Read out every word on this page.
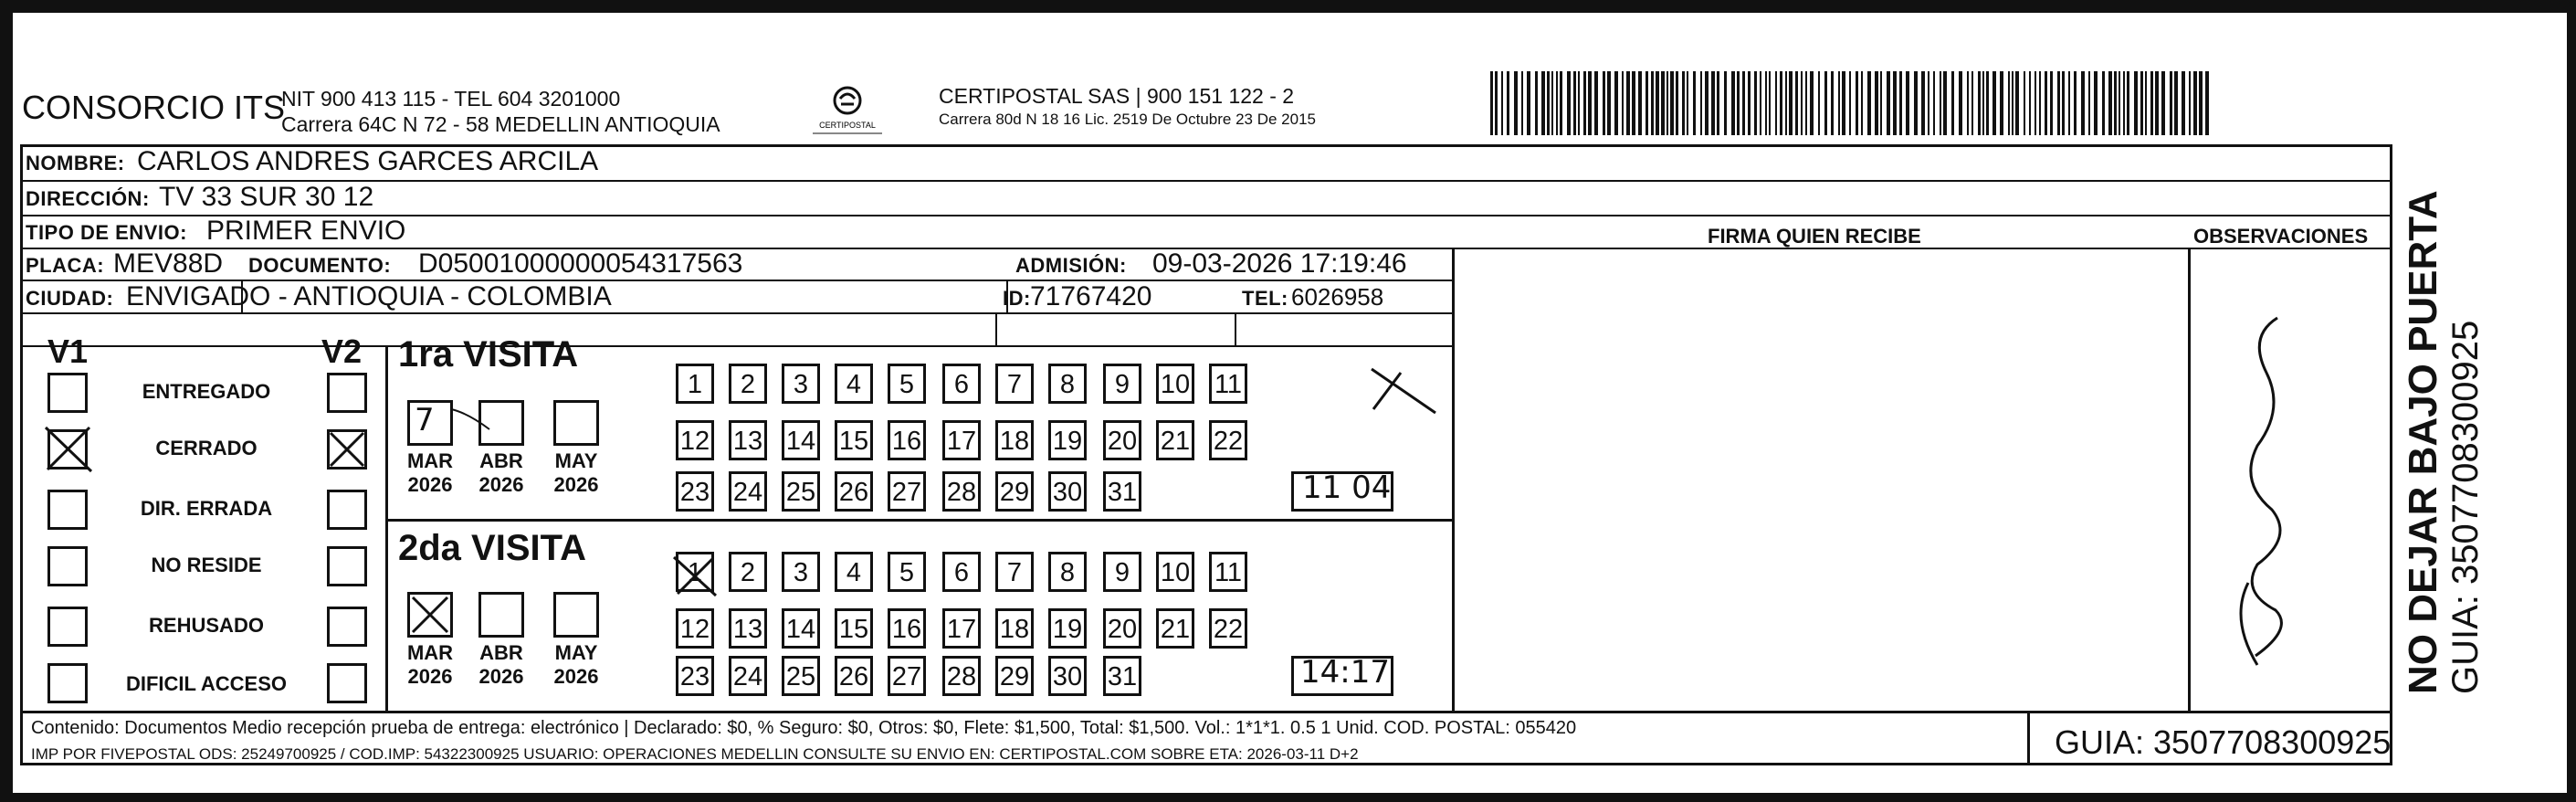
CONSORCIO ITS
NIT 900 413 115 - TEL 604 3201000
Carrera 64C N 72 - 58 MEDELLIN ANTIOQUIA	CERTIPOSTAL
CERTIPOSTAL SAS | 900 151 122 - 2
Carrera 80d N 18 16 Lic. 2519 De Octubre 23 De 2015
NOMBRE: CARLOS ANDRES GARCES ARCILA
DIRECCIÓN: TV 33 SUR 30 12
TIPO DE ENVIO: PRIMER ENVIO	FIRMA QUIEN RECIBE	OBSERVACIONES
PLACA: MEV88D DOCUMENTO: D05001000000054317563	ADMISIÓN: 09-03-2026 17:19:46
CIUDAD: ENVIGADO - ANTIOQUIA - COLOMBIA	ID: 71767420	TEL: 6026958
V1	V2
ENTREGADO
CERRADO
DIR. ERRADA
NO RESIDE
REHUSADO
DIFICIL ACCESO
1ra VISITA
2da VISITA
7
MAR	ABR	MAY
2026	2026	2026
MAR	ABR	MAY
2026	2026	2026
1	2	3	4	5	6	7	8	9	10 11
12 13 14 15 16 17 18 19 20 21 22
23 24 25 26 27 28 29 30 31
1	2	3	4	5	6	7	8	9	10 11
12 13 14 15 16 17 18 19 20 21 22
23 24 25 26 27 28 29 30 31
11 04
14:17
Contenido: Documentos Medio recepción prueba de entrega: electrónico | Declarado: $0, % Seguro: $0, Otros: $0, Flete: $1,500, Total: $1,500. Vol.: 1*1*1. 0.5 1 Unid. COD. POSTAL: 055420
IMP POR FIVEPOSTAL ODS: 25249700925 / COD.IMP: 54322300925 USUARIO: OPERACIONES MEDELLIN CONSULTE SU ENVIO EN: CERTIPOSTAL.COM SOBRE ETA: 2026-03-11 D+2	GUIA: 3507708300925
NO DEJAR BAJO PUERTA GUIA: 3507708300925
